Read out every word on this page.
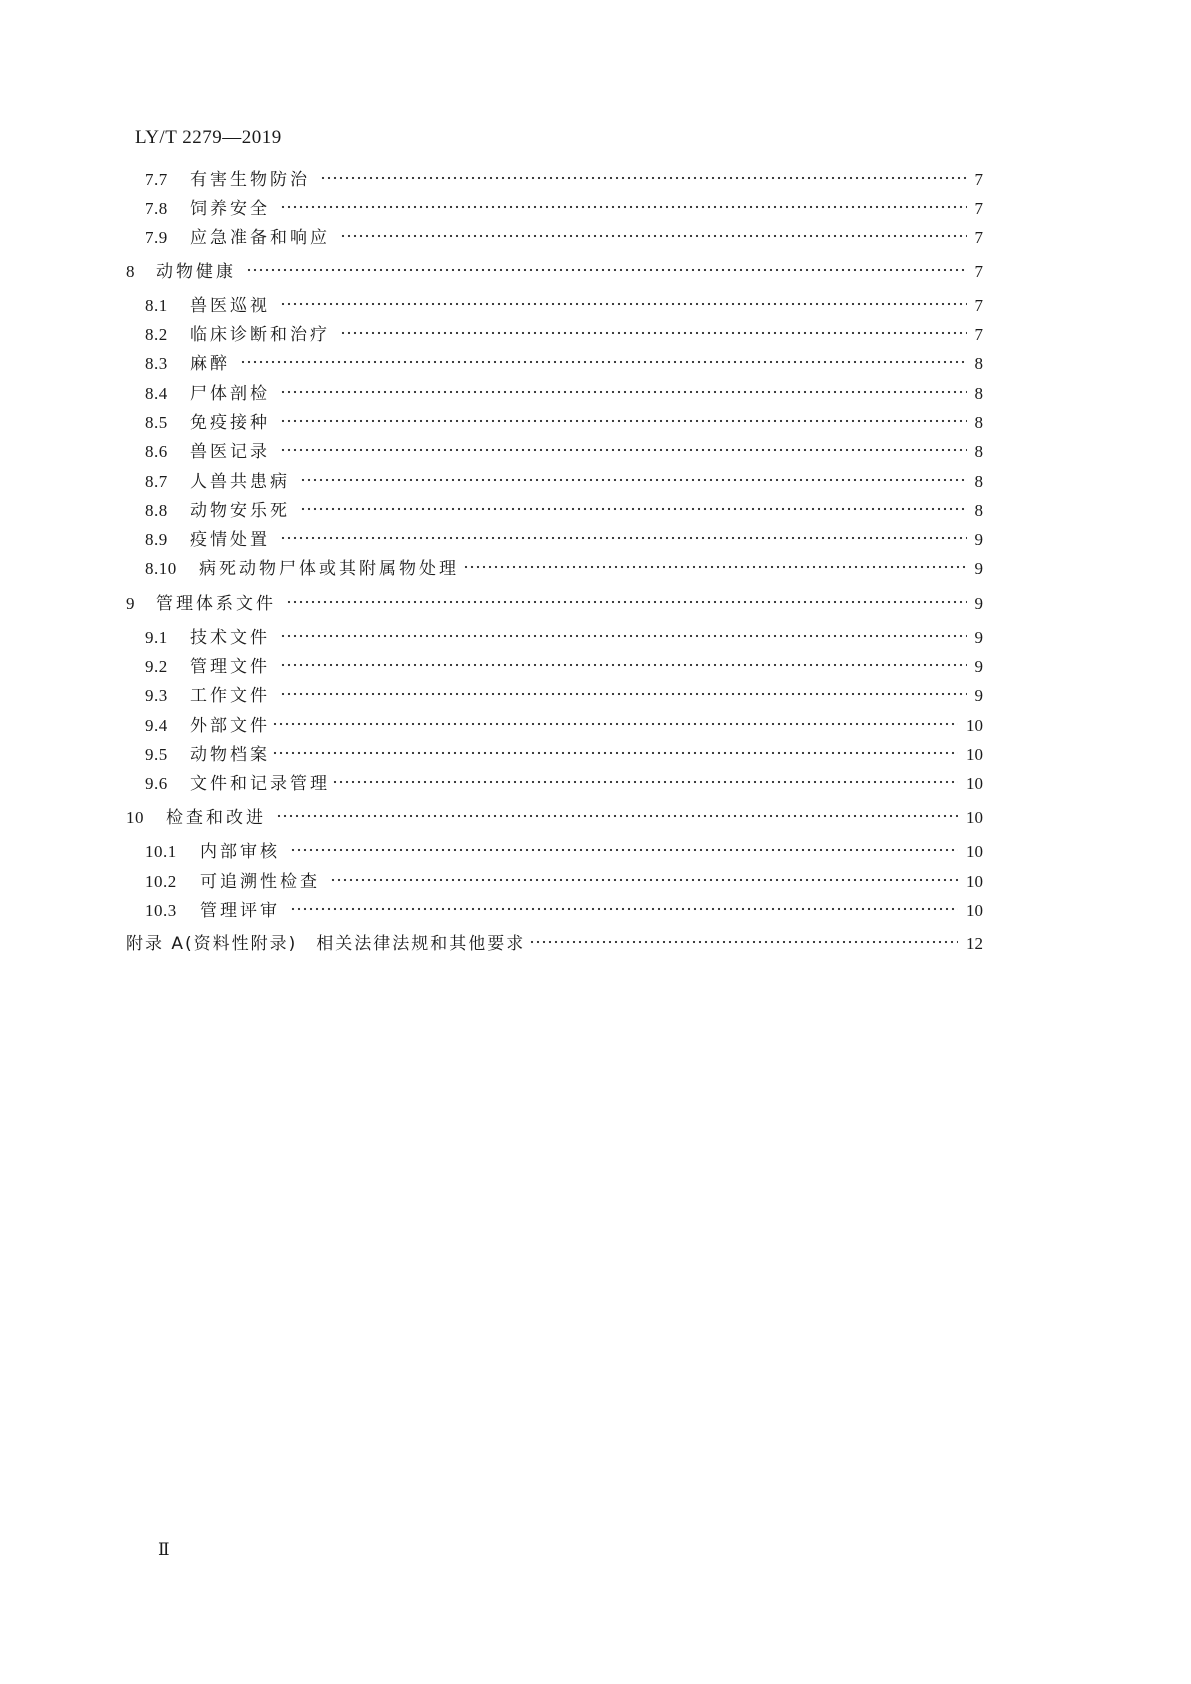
LY/T 2279—2019
7.7	有害生物防治	7
7.8	饲养安全	7
7.9	应急准备和响应	7
8	动物健康	7
8.1	兽医巡视	7
8.2	临床诊断和治疗	7
8.3	麻醉	8
8.4	尸体剖检	8
8.5	免疫接种	8
8.6	兽医记录	8
8.7	人兽共患病	8
8.8	动物安乐死	8
8.9	疫情处置	9
8.10	病死动物尸体或其附属物处理	9
9	管理体系文件	9
9.1	技术文件	9
9.2	管理文件	9
9.3	工作文件	9
9.4	外部文件	10
9.5	动物档案	10
9.6	文件和记录管理	10
10	检查和改进	10
10.1	内部审核	10
10.2	可追溯性检查	10
10.3	管理评审	10
附录 A (资料性附录)　相关法律法规和其他要求	12
Ⅱ
